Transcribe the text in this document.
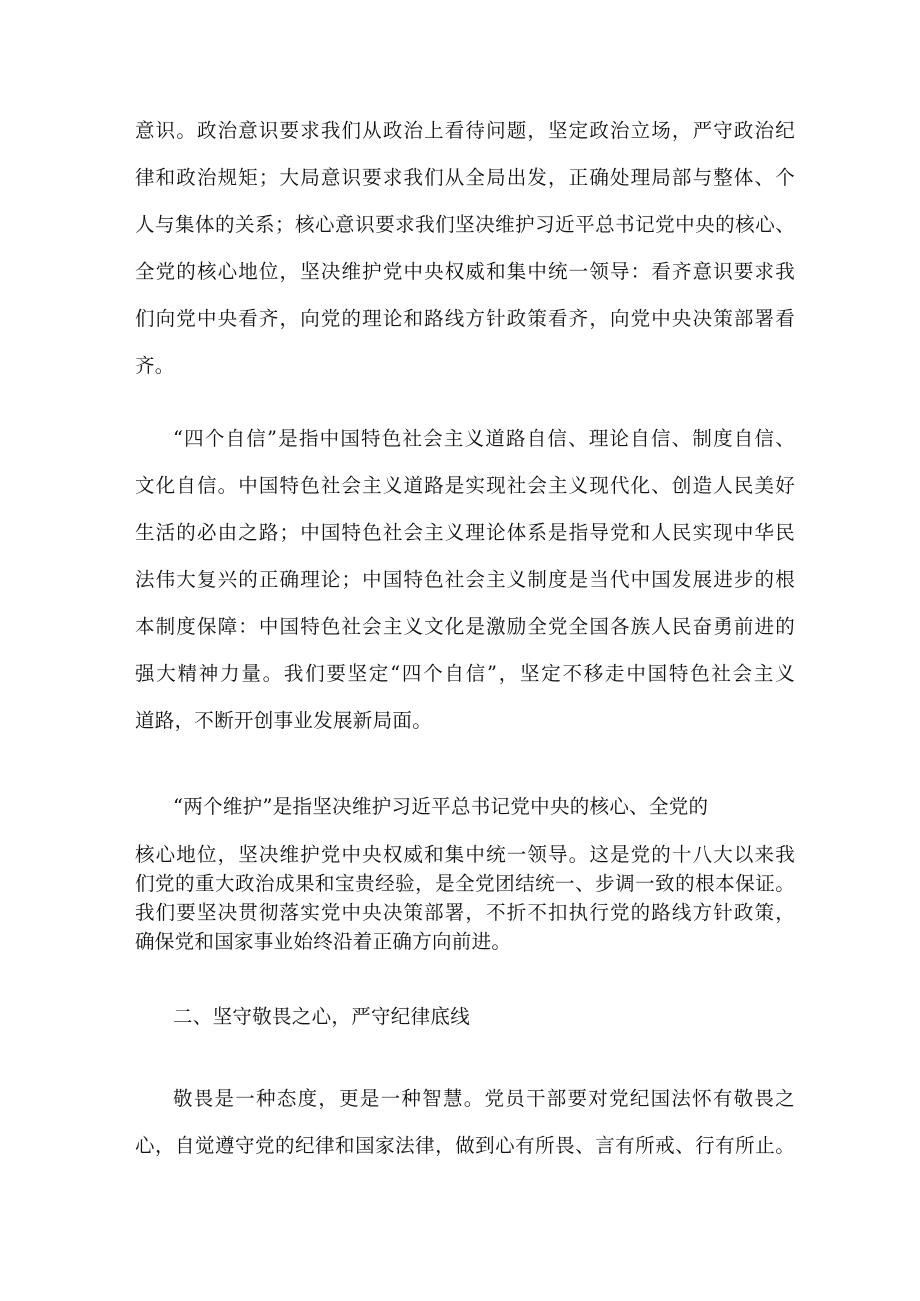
意识。政治意识要求我们从政治上看待问题，坚定政治立场，严守政治纪
律和政治规矩；大局意识要求我们从全局出发，正确处理局部与整体、个
人与集体的关系；核心意识要求我们坚决维护习近平总书记党中央的核心、
全党的核心地位，坚决维护党中央权威和集中统一领导：看齐意识要求我
们向党中央看齐，向党的理论和路线方针政策看齐，向党中央决策部署看
齐。
“四个自信”是指中国特色社会主义道路自信、理论自信、制度自信、
文化自信。中国特色社会主义道路是实现社会主义现代化、创造人民美好
生活的必由之路；中国特色社会主义理论体系是指导党和人民实现中华民
法伟大复兴的正确理论；中国特色社会主义制度是当代中国发展进步的根
本制度保障：中国特色社会主义文化是激励全党全国各族人民奋勇前进的
强大精神力量。我们要坚定“四个自信”，坚定不移走中国特色社会主义
道路，不断开创事业发展新局面。
“两个维护”是指坚决维护习近平总书记党中央的核心、全党的
核心地位，坚决维护党中央权威和集中统一领导。这是党的十八大以来我
们党的重大政治成果和宝贵经验，是全党团结统一、步调一致的根本保证。
我们要坚决贯彻落实党中央决策部署，不折不扣执行党的路线方针政策，
确保党和国家事业始终沿着正确方向前进。
二、坚守敬畏之心，严守纪律底线
敬畏是一种态度，更是一种智慧。党员干部要对党纪国法怀有敬畏之
心，自觉遵守党的纪律和国家法律，做到心有所畏、言有所戒、行有所止。
